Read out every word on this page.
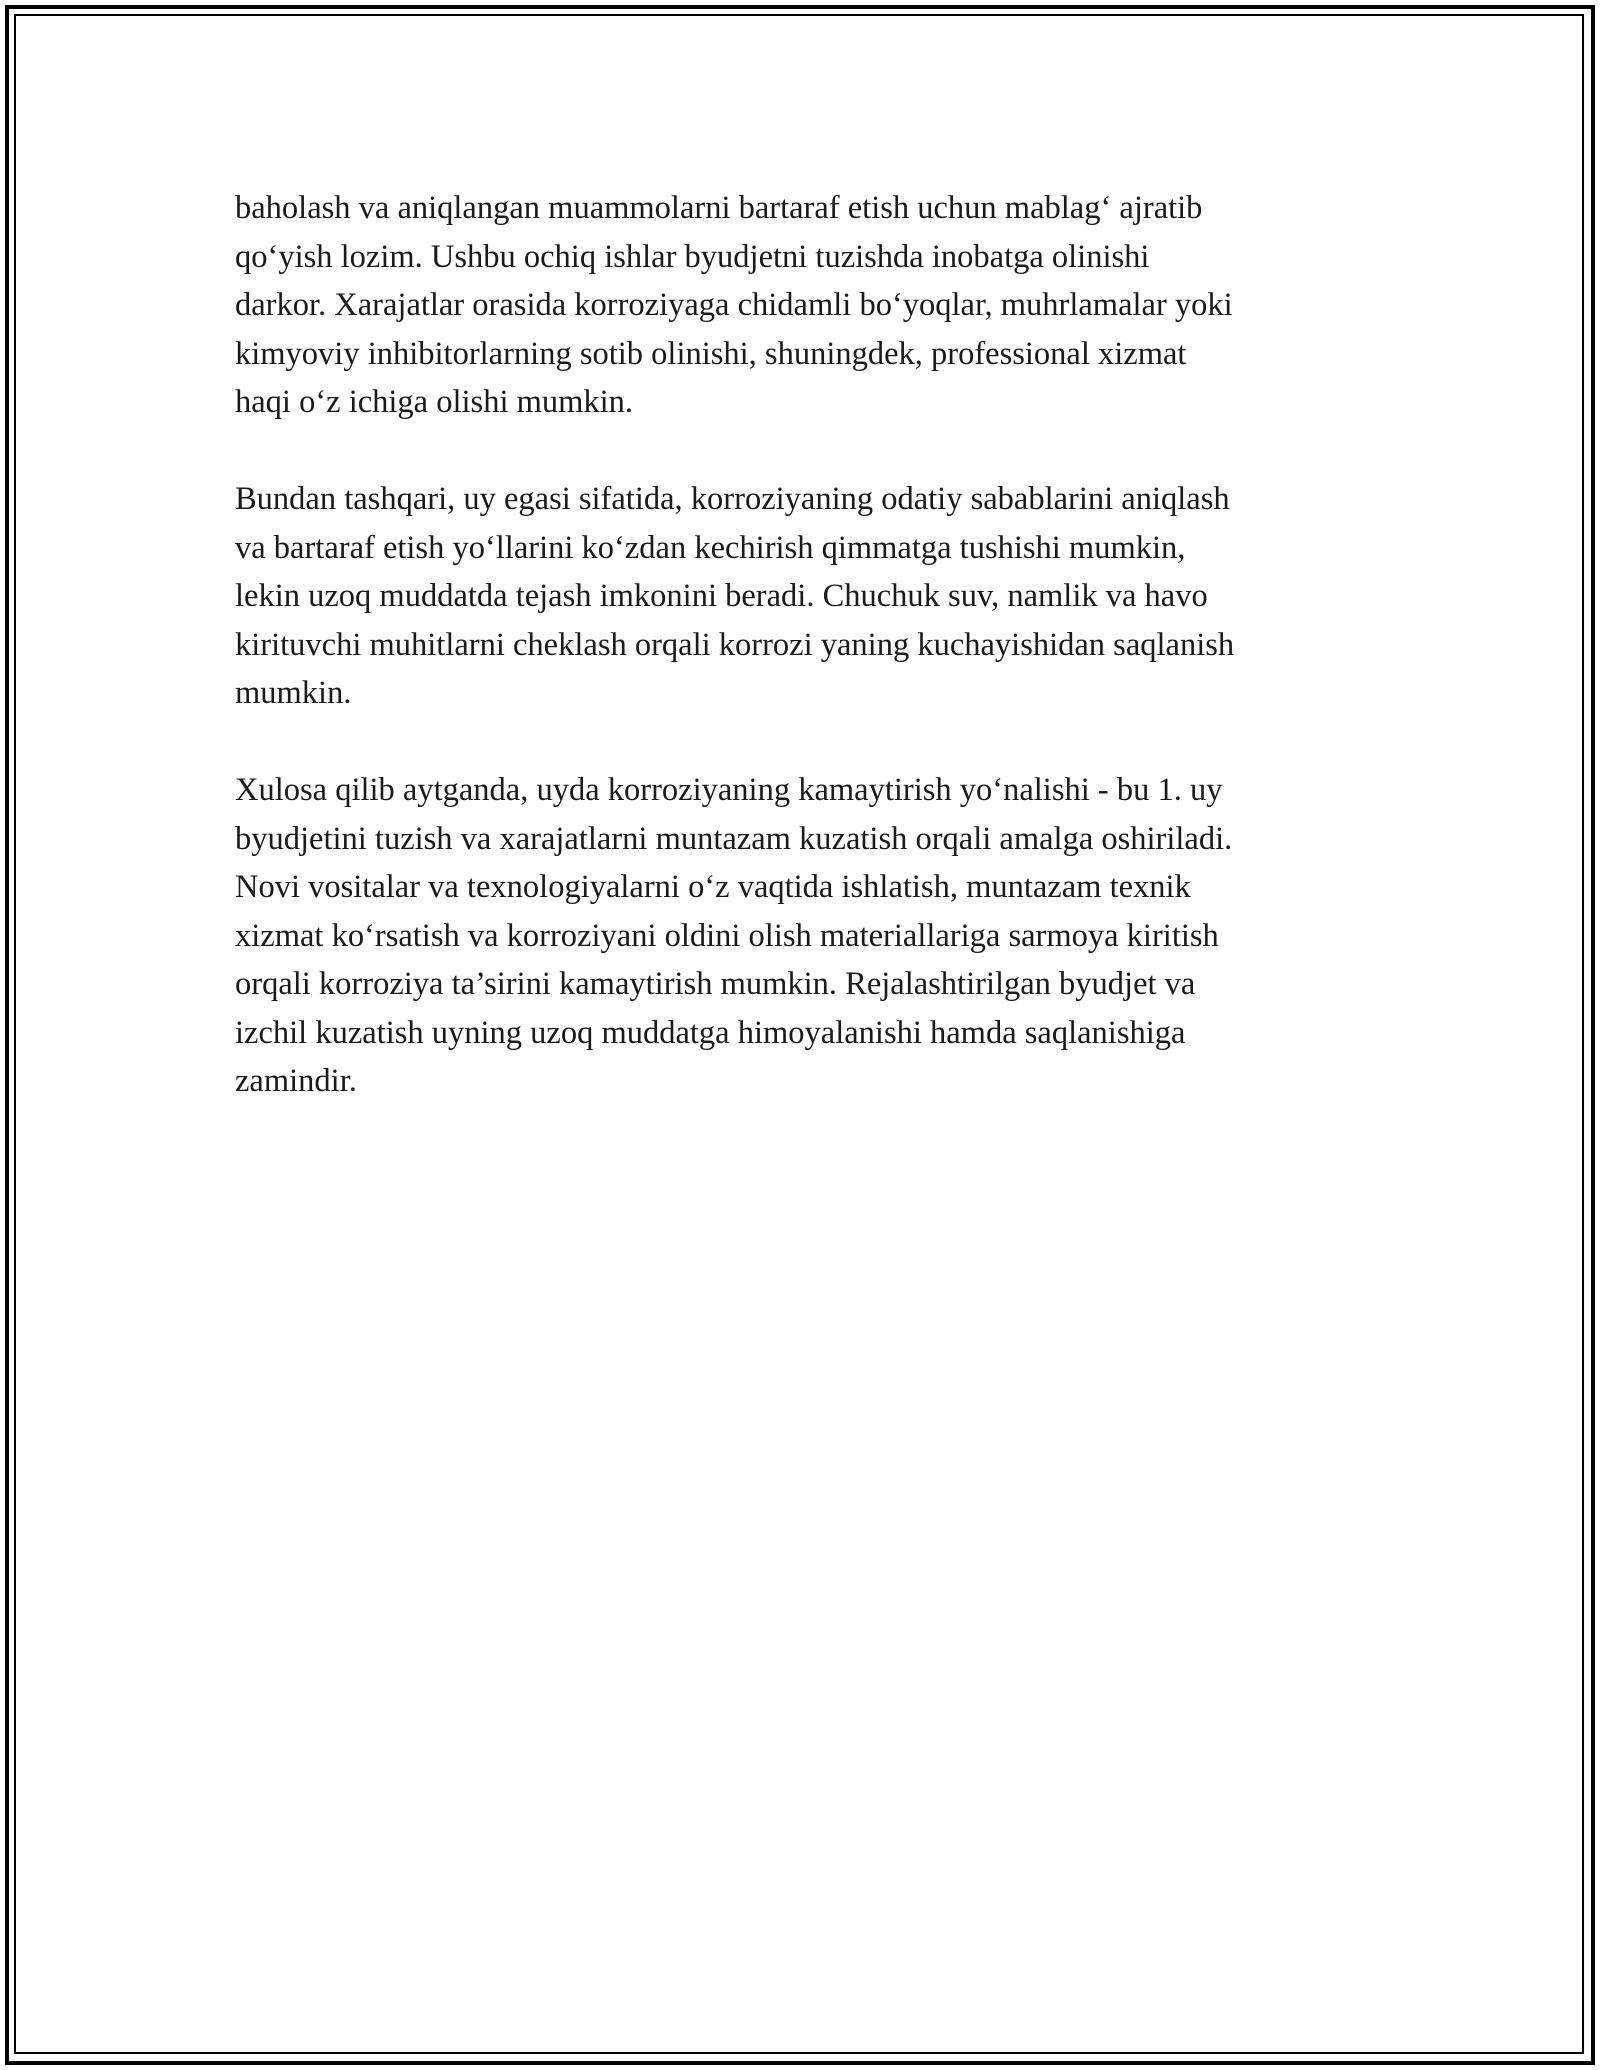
baholash va aniqlangan muammolarni bartaraf etish uchun mablag‘ ajratib
qo‘yish lozim. Ushbu ochiq ishlar byudjetni tuzishda inobatga olinishi
darkor. Xarajatlar orasida korroziyaga chidamli bo‘yoqlar, muhrlamalar yoki
kimyoviy inhibitorlarning sotib olinishi, shuningdek, professional xizmat
haqi o‘z ichiga olishi mumkin.

Bundan tashqari, uy egasi sifatida, korroziyaning odatiy sabablarini aniqlash
va bartaraf etish yo‘llarini ko‘zdan kechirish qimmatga tushishi mumkin,
lekin uzoq muddatda tejash imkonini beradi. Chuchuk suv, namlik va havo
kirituvchi muhitlarni cheklash orqali korrozi yaning kuchayishidan saqlanish
mumkin.

Xulosa qilib aytganda, uyda korroziyaning kamaytirish yo‘nalishi - bu 1. uy
byudjetini tuzish va xarajatlarni muntazam kuzatish orqali amalga oshiriladi.
Novi vositalar va texnologiyalarni o‘z vaqtida ishlatish, muntazam texnik
xizmat ko‘rsatish va korroziyani oldini olish materiallariga sarmoya kiritish
orqali korroziya ta’sirini kamaytirish mumkin. Rejalashtirilgan byudjet va
izchil kuzatish uyning uzoq muddatga himoyalanishi hamda saqlanishiga
zamindir.
